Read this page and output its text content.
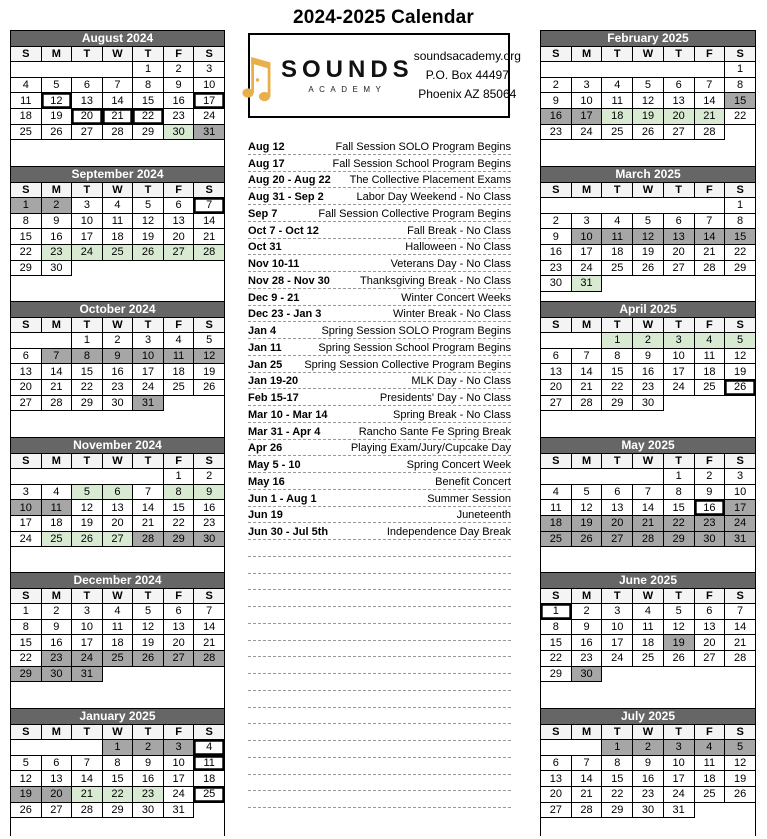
2024-2025 Calendar
SOUNDS
ACADEMY
soundsacademy.org
P.O. Box 44497
Phoenix AZ 85064
Aug 12	Fall Session SOLO Program Begins
Aug 17	Fall Session School Program Begins
Aug 20 - Aug 22	The Collective Placement Exams
Aug 31 - Sep 2	Labor Day Weekend - No Class
Sep 7	Fall Session Collective Program Begins
Oct 7 - Oct 12	Fall Break - No Class
Oct 31	Halloween - No Class
Nov 10-11	Veterans Day - No Class
Nov 28 - Nov 30	Thanksgiving Break - No Class
Dec 9 - 21	Winter Concert Weeks
Dec 23 - Jan 3	Winter Break - No Class
Jan 4	Spring Session SOLO Program Begins
Jan 11	Spring Session School Program Begins
Jan 25	Spring Session Collective Program Begins
Jan 19-20	MLK Day - No Class
Feb 15-17	Presidents' Day - No Class
Mar 10 - Mar 14	Spring Break - No Class
Mar 31 - Apr 4	Rancho Sante Fe Spring Break
Apr 26	Playing Exam/Jury/Cupcake Day
May 5 - 10	Spring Concert Week
May 16	Benefit Concert
Jun 1 - Aug 1	Summer Session
Jun 19	Juneteenth
Jun 30 - Jul 5th	Independence Day Break
August 2024						
S	M	T	W	T	F	S
				1	2	3
4	5	6	7	8	9	10
11	12	13	14	15	16	17
18	19	20	21	22	23	24
25	26	27	28	29	30	31
September 2024						
S	M	T	W	T	F	S
1	2	3	4	5	6	7
8	9	10	11	12	13	14
15	16	17	18	19	20	21
22	23	24	25	26	27	28
29	30					
October 2024						
S	M	T	W	T	F	S
		1	2	3	4	5
6	7	8	9	10	11	12
13	14	15	16	17	18	19
20	21	22	23	24	25	26
27	28	29	30	31		
November 2024						
S	M	T	W	T	F	S
					1	2
3	4	5	6	7	8	9
10	11	12	13	14	15	16
17	18	19	20	21	22	23
24	25	26	27	28	29	30
December 2024						
S	M	T	W	T	F	S
1	2	3	4	5	6	7
8	9	10	11	12	13	14
15	16	17	18	19	20	21
22	23	24	25	26	27	28
29	30	31				
January 2025						
S	M	T	W	T	F	S
			1	2	3	4
5	6	7	8	9	10	11
12	13	14	15	16	17	18
19	20	21	22	23	24	25
26	27	28	29	30	31	
February 2025						
S	M	T	W	T	F	S
						1
2	3	4	5	6	7	8
9	10	11	12	13	14	15
16	17	18	19	20	21	22
23	24	25	26	27	28	
March 2025						
S	M	T	W	T	F	S
						1
2	3	4	5	6	7	8
9	10	11	12	13	14	15
16	17	18	19	20	21	22
23	24	25	26	27	28	29
30	31					
April 2025						
S	M	T	W	T	F	S
		1	2	3	4	5
6	7	8	9	10	11	12
13	14	15	16	17	18	19
20	21	22	23	24	25	26
27	28	29	30			
May 2025						
S	M	T	W	T	F	S
				1	2	3
4	5	6	7	8	9	10
11	12	13	14	15	16	17
18	19	20	21	22	23	24
25	26	27	28	29	30	31
June 2025						
S	M	T	W	T	F	S
1	2	3	4	5	6	7
8	9	10	11	12	13	14
15	16	17	18	19	20	21
22	23	24	25	26	27	28
29	30					
July 2025						
S	M	T	W	T	F	S
		1	2	3	4	5
6	7	8	9	10	11	12
13	14	15	16	17	18	19
20	21	22	23	24	25	26
27	28	29	30	31		
